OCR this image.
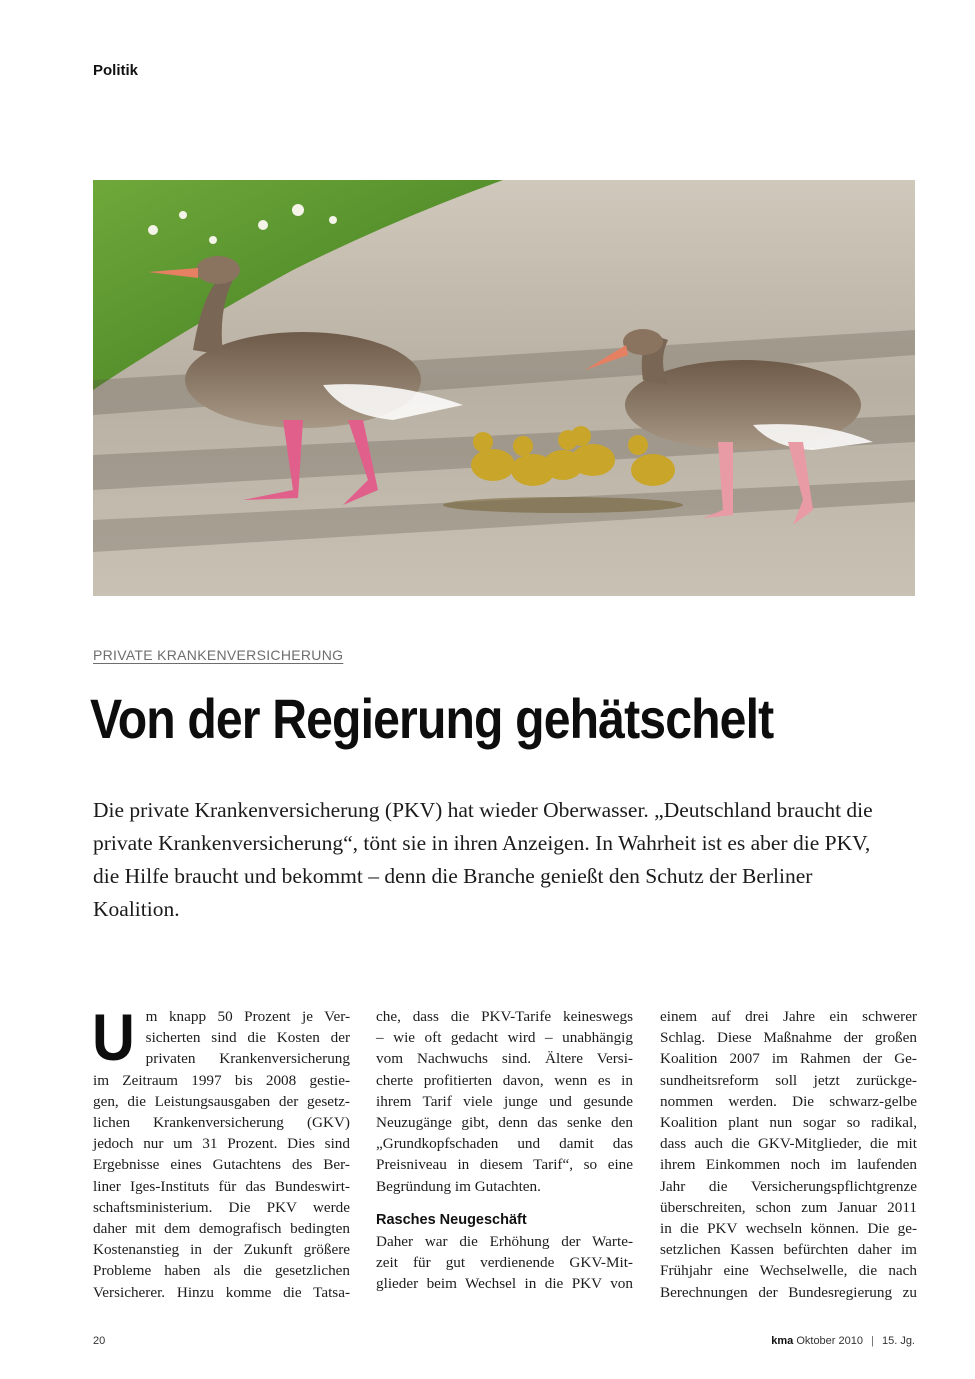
Politik
PRIVATE KRANKENVERSICHERUNG
Von der Regierung gehätschelt

Die private Krankenversicherung (PKV) hat wieder Oberwasser. „Deutschland braucht die private Krankenversicherung“, tönt sie in ihren Anzeigen. In Wahrheit ist es aber die PKV, die Hilfe braucht und bekommt – denn die Branche genießt den Schutz der Berliner Koalition.

U m knapp 50 Prozent je Ver-
sicherten sind die Kosten der
privaten Krankenversicherung
im Zeitraum 1997 bis 2008 gestie-
gen, die Leistungsausgaben der gesetz-
lichen Krankenversicherung (GKV)
jedoch nur um 31 Prozent. Dies sind
Ergebnisse eines Gutachtens des Ber-
liner Iges-Instituts für das Bundeswirt-
schaftsministerium. Die PKV werde
daher mit dem demografisch bedingten
Kostenanstieg in der Zukunft größere
Probleme haben als die gesetzlichen
Versicherer. Hinzu komme die Tatsa-
che, dass die PKV-Tarife keineswegs
– wie oft gedacht wird – unabhängig
vom Nachwuchs sind. Ältere Versi-
cherte profitierten davon, wenn es in
ihrem Tarif viele junge und gesunde
Neuzugänge gibt, denn das senke den
„Grundkopfschaden und damit das
Preisniveau in diesem Tarif“, so eine
Begründung im Gutachten.
Rasches Neugeschäft
Daher war die Erhöhung der Warte-
zeit für gut verdienende GKV-Mit-
glieder beim Wechsel in die PKV von
einem auf drei Jahre ein schwerer
Schlag. Diese Maßnahme der großen
Koalition 2007 im Rahmen der Ge-
sundheitsreform soll jetzt zurückge-
nommen werden. Die schwarz-gelbe
Koalition plant nun sogar so radikal,
dass auch die GKV-Mitglieder, die mit
ihrem Einkommen noch im laufenden
Jahr die Versicherungspflichtgrenze
überschreiten, schon zum Januar 2011
in die PKV wechseln können. Die ge-
setzlichen Kassen befürchten daher im
Frühjahr eine Wechselwelle, die nach
Berechnungen der Bundesregierung zu
20	kma Oktober 2010 | 15. Jg.
